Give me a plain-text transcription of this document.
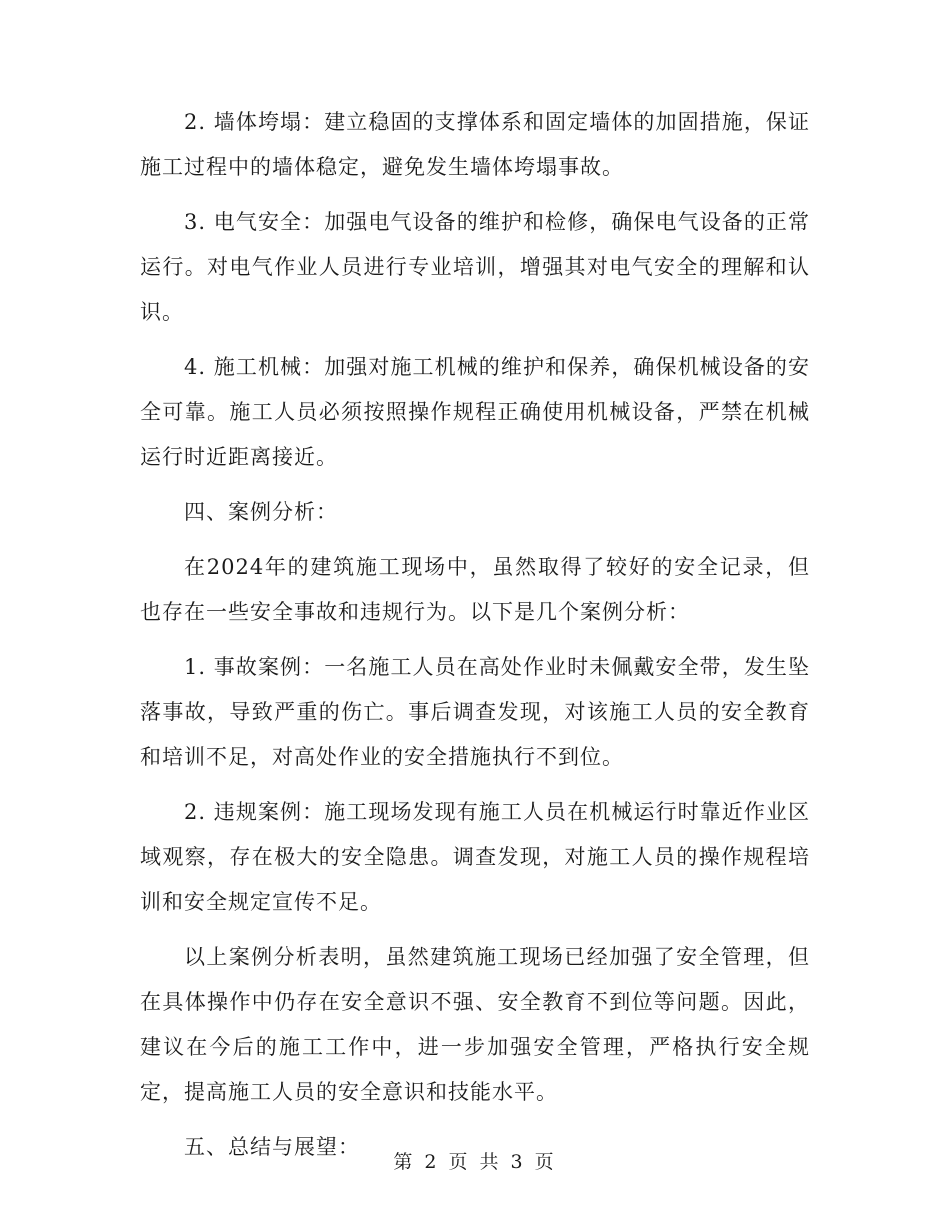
2. 墙体垮塌：建立稳固的支撑体系和固定墙体的加固措施，保证施工过程中的墙体稳定，避免发生墙体垮塌事故。

3. 电气安全：加强电气设备的维护和检修，确保电气设备的正常运行。对电气作业人员进行专业培训，增强其对电气安全的理解和认识。

4. 施工机械：加强对施工机械的维护和保养，确保机械设备的安全可靠。施工人员必须按照操作规程正确使用机械设备，严禁在机械运行时近距离接近。

四、案例分析：

在2024年的建筑施工现场中，虽然取得了较好的安全记录，但也存在一些安全事故和违规行为。以下是几个案例分析：

1. 事故案例：一名施工人员在高处作业时未佩戴安全带，发生坠落事故，导致严重的伤亡。事后调查发现，对该施工人员的安全教育和培训不足，对高处作业的安全措施执行不到位。

2. 违规案例：施工现场发现有施工人员在机械运行时靠近作业区域观察，存在极大的安全隐患。调查发现，对施工人员的操作规程培训和安全规定宣传不足。

以上案例分析表明，虽然建筑施工现场已经加强了安全管理，但在具体操作中仍存在安全意识不强、安全教育不到位等问题。因此，建议在今后的施工工作中，进一步加强安全管理，严格执行安全规定，提高施工人员的安全意识和技能水平。

五、总结与展望：

第 2 页 共 3 页
